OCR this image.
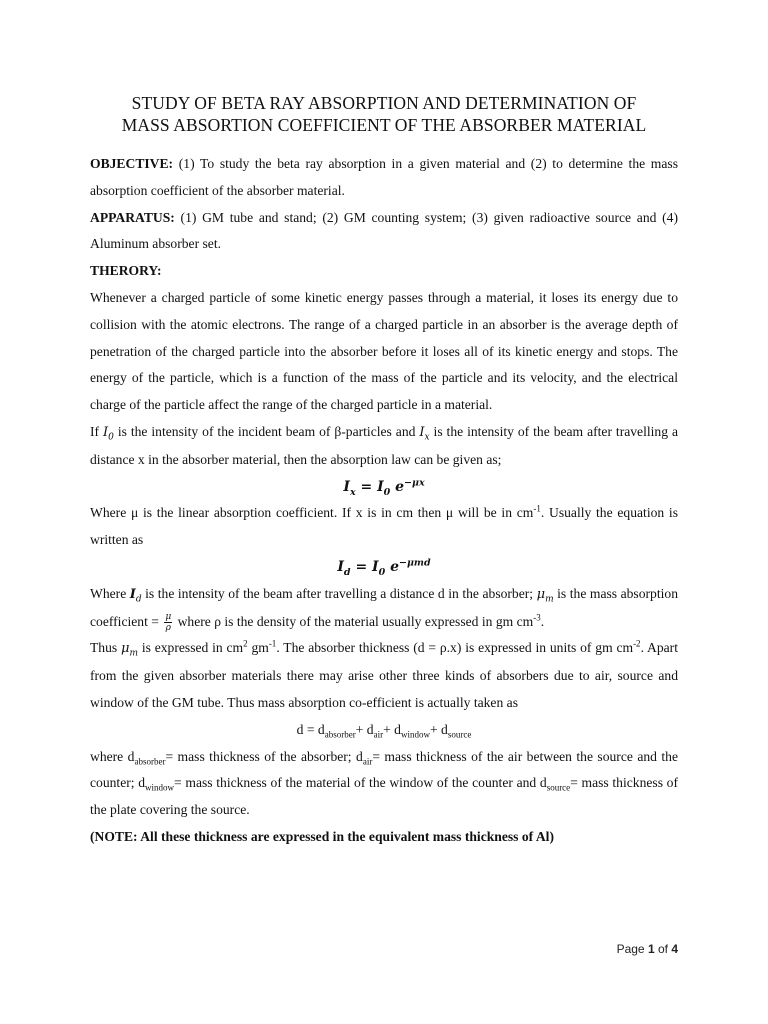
STUDY OF BETA RAY ABSORPTION AND DETERMINATION OF
MASS ABSORTION COEFFICIENT OF THE ABSORBER MATERIAL

OBJECTIVE: (1) To study the beta ray absorption in a given material and (2) to determine the mass absorption coefficient of the absorber material.

APPARATUS: (1) GM tube and stand; (2) GM counting system; (3) given radioactive source and (4) Aluminum absorber set.

THERORY:

Whenever a charged particle of some kinetic energy passes through a material, it loses its energy due to collision with the atomic electrons. The range of a charged particle in an absorber is the average depth of penetration of the charged particle into the absorber before it loses all of its kinetic energy and stops. The energy of the particle, which is a function of the mass of the particle and its velocity, and the electrical charge of the particle affect the range of the charged particle in a material.

If $I_0$ is the intensity of the incident beam of β-particles and $I_x$ is the intensity of the beam after travelling a distance x in the absorber material, then the absorption law can be given as;

$I_x = I_0$ $e^{-\mu x}$

Where μ is the linear absorption coefficient. If x is in cm then μ will be in $cm^{-1}$. Usually the equation is written as

$I_d = I_0$ $e^{-\mu md}$

Where $I_d$ is the intensity of the beam after travelling a distance d in the absorber; $\mu_m$ is the mass absorption coefficient = $\frac{\mu}{\rho}$ where ρ is the density of the material usually expressed in gm $cm^{-3}$.

Thus $\mu_m$ is expressed in $cm^2$ $gm^{-1}$. The absorber thickness (d = ρ.x) is expressed in units of gm $cm^{-2}$. Apart from the given absorber materials there may arise other three kinds of absorbers due to air, source and window of the GM tube. Thus mass absorption co-efficient is actually taken as

$d = d_{absorber}+ d_{air}+ d_{window}+ d_{source}$

where $d_{absorber}=$ mass thickness of the absorber; $d_{air}=$ mass thickness of the air between the source and the counter; $d_{window}=$ mass thickness of the material of the window of the counter and $d_{source}=$ mass thickness of the plate covering the source.

(NOTE: All these thickness are expressed in the equivalent mass thickness of Al)

Page 1 of 4
